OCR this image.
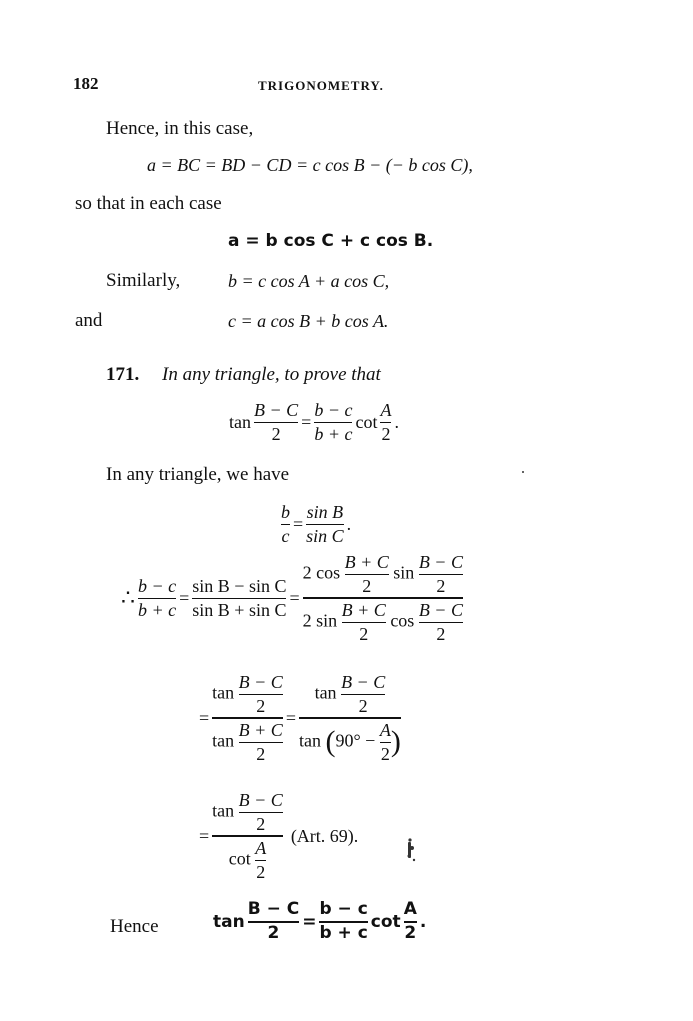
182	TRIGONOMETRY.
Hence, in this case,
a = BC = BD − CD = c cos B − (− b cos C),
so that in each case
a = b cos C + c cos B.
Similarly,	b = c cos A + a cos C,
and	c = a cos B + b cos A.
171. In any triangle, to prove that
$\tan \frac{B - C}{2} = \frac{b - c}{b + c}$ $\cot \frac{A}{2}$ .
In any triangle, we have
$\frac{b}{c} = \frac{\text{sin B}}{\text{sin C}}$ .
∴ $\frac{b - c}{b + c} = \frac{\text{sin B − sin C}}{\text{sin B + sin C}} = \frac{2 \cos \frac{B + C}{2} \sin \frac{B - C}{2}}{2 \sin \frac{B + C}{2} \cos \frac{B - C}{2}}$
= $\frac{\tan \frac{B - C}{2}}{\tan \frac{B + C}{2}} = \frac{\tan \frac{B - C}{2}}{\tan (90^\circ - \frac{A}{2} )}$
= $\frac{\tan \frac{B - C}{2}}{\cot \frac{A}{2}} (Art$. 69).
Hence	$\tan \frac{B - C}{2} = \frac{b - c}{b + c}$ $\cot \frac{A}{2}$ .
